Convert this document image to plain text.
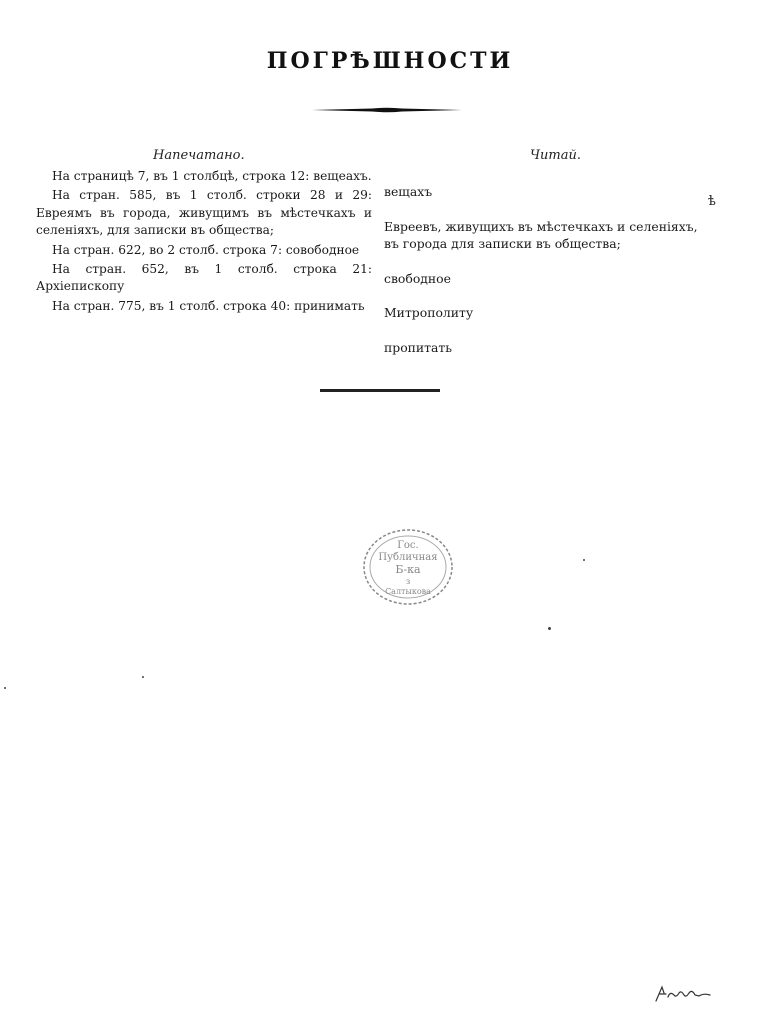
ПОГРѢШНОСТИ
Напечатано.	Читай.

На страницѣ 7, въ 1 столбцѣ, строка 12: вещеахъ.

На стран. 585, въ 1 столб. строки 28 и 29: Евреямъ въ города, живущимъ въ мѣстечкахъ и селеніяхъ, для записки въ общества;

На стран. 622, во 2 столб. строка 7: совободное

На стран. 652, въ 1 столб. строка 21: Архіепископу

На стран. 775, въ 1 столб. строка 40: принимать

вещахъ
Евреевъ, живущихъ въ мѣстечкахъ и селеніяхъ,
въ города для записки въ общества;
свободное
Митрополиту
пропитать
ѣ
Гос.
Публичная
Б-ка
з
Салтыкова
